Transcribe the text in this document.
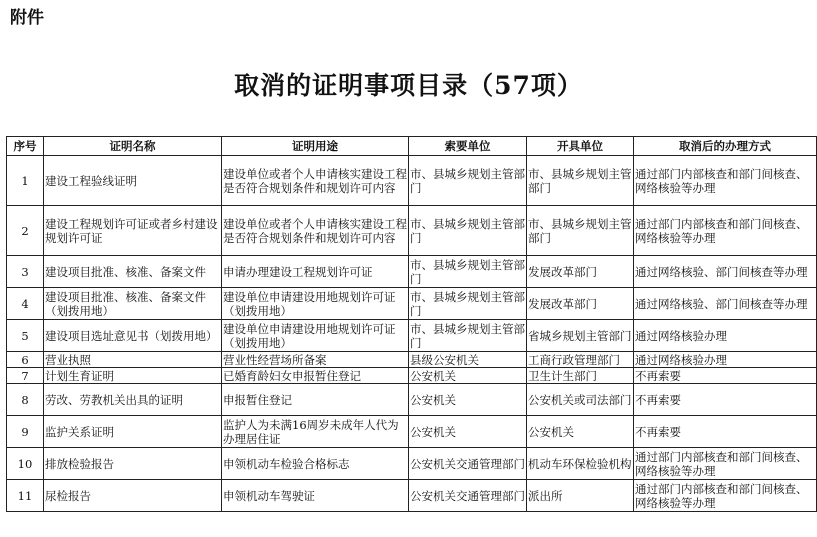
附件
取消的证明事项目录（57项）
序号	证明名称	证明用途	索要单位	开具单位	取消后的办理方式
1	建设工程验线证明	建设单位或者个人申请核实建设工程是否符合规划条件和规划许可内容	市、县城乡规划主管部门	市、县城乡规划主管部门	通过部门内部核查和部门间核查、网络核验等办理
2	建设工程规划许可证或者乡村建设规划许可证	建设单位或者个人申请核实建设工程是否符合规划条件和规划许可内容	市、县城乡规划主管部门	市、县城乡规划主管部门	通过部门内部核查和部门间核查、网络核验等办理
3	建设项目批准、核准、备案文件	申请办理建设工程规划许可证	市、县城乡规划主管部门	发展改革部门	通过网络核验、部门间核查等办理
4	建设项目批准、核准、备案文件（划拨用地）	建设单位申请建设用地规划许可证（划拨用地）	市、县城乡规划主管部门	发展改革部门	通过网络核验、部门间核查等办理
5	建设项目选址意见书（划拨用地）	建设单位申请建设用地规划许可证（划拨用地）	市、县城乡规划主管部门	省城乡规划主管部门	通过网络核验办理
6	营业执照	营业性经营场所备案	县级公安机关	工商行政管理部门	通过网络核验办理
7	计划生育证明	已婚育龄妇女申报暂住登记	公安机关	卫生计生部门	不再索要
8	劳改、劳教机关出具的证明	申报暂住登记	公安机关	公安机关或司法部门	不再索要
9	监护关系证明	监护人为未满16周岁未成年人代为办理居住证	公安机关	公安机关	不再索要
10	排放检验报告	申领机动车检验合格标志	公安机关交通管理部门	机动车环保检验机构	通过部门内部核查和部门间核查、网络核验等办理
11	尿检报告	申领机动车驾驶证	公安机关交通管理部门	派出所	通过部门内部核查和部门间核查、网络核验等办理
